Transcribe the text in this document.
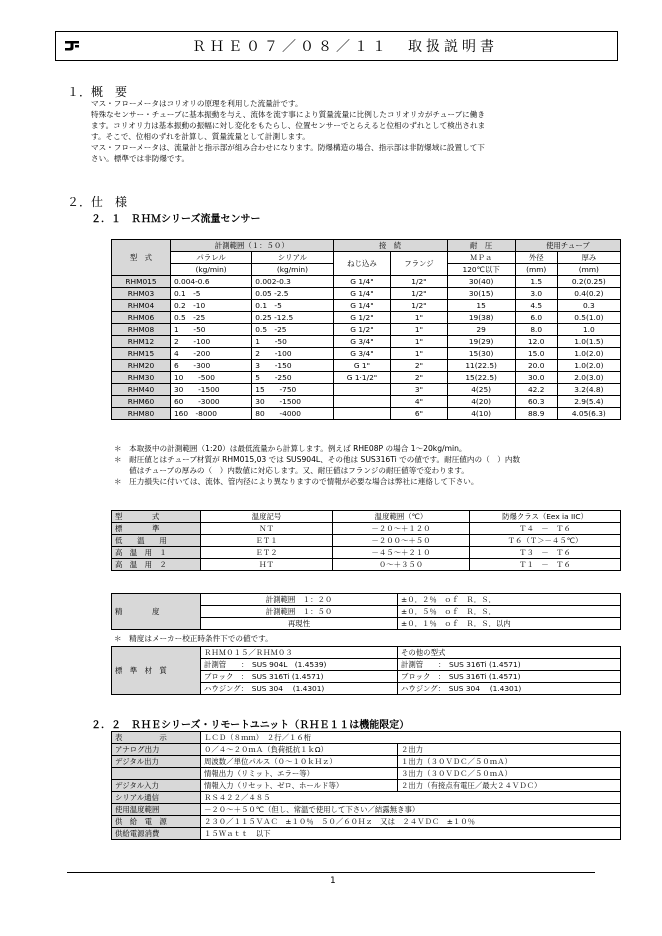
ＲＨＥ０７／０８／１１　取扱説明書
１．概　要
マス・フローメータはコリオリの原理を利用した流量計です。
特殊なセンサー・チューブに基本振動を与え、流体を流す事により質量流量に比例したコリオリカがチューブに働き
ます。コリオリ力は基本振動の振幅に対し変化をもたらし、位置センサーでとらえると位相のずれとして検出されま
す。そこで、位相のずれを計算し、質量流量として計測します。
マス・フローメータは、流量計と指示部が組み合わせになります。防爆構造の場合、指示部は非防爆域に設置して下
さい。標準では非防爆です。
２．仕　様
２．１　ＲＨＭシリーズ流量センサー
型　式	計測範囲（１：５０）		接　続		耐　圧	使用チューブ	
	パラレル	シリアル	ねじ込み	フランジ	ＭＰａ	外径	厚み
	(kg/min)	(kg/min)			120℃以下	(mm)	(mm)
RHM015	0.004-0.6	0.002-0.3	G 1/4"	1/2"	30(40)	1.5	0.2(0.25)
RHM03	0.1　-5	0.05 -2.5	G 1/4"	1/2"	30(15)	3.0	0.4(0.2)
RHM04	0.2　-10	0.1　-5	G 1/4"	1/2"	15	4.5	0.3
RHM06	0.5　-25	0.25 -12.5	G 1/2"	1"	19(38)	6.0	0.5(1.0)
RHM08	1　　-50	0.5　-25	G 1/2"	1"	29	8.0	1.0
RHM12	2　　-100	1　　-50	G 3/4"	1"	19(29)	12.0	1.0(1.5)
RHM15	4　　-200	2　　-100	G 3/4"	1"	15(30)	15.0	1.0(2.0)
RHM20	6　　-300	3　　-150	G 1"	2"	11(22.5)	20.0	1.0(2.0)
RHM30	10　　-500	5　　-250	G 1·1/2"	2"	15(22.5)	30.0	2.0(3.0)
RHM40	30　　-1500	15　　-750		3"	4(25)	42.2	3.2(4.8)
RHM60	60　　-3000	30　　-1500		4"	4(20)	60.3	2.9(5.4)
RHM80	160　-8000	80　　-4000		6"	4(10)	88.9	4.05(6.3)
＊　本取扱中の計測範囲（1:20）は最低流量から計算します。例えば RHE08P の場合 1～20kg/min。
＊　耐圧値とはチューブ材質が RHM015,03 では SUS904L、その他は SUS316Ti での値です。耐圧値内の（　）内数
　　値はチューブの厚みの（　）内数値に対応します。又、耐圧値はフランジの耐圧値等で変わります。
＊　圧力損失に付いては、流体、管内径により異なりますので情報が必要な場合は弊社に連絡して下さい。
型　　　　式	温度記号	温度範囲（℃）	防爆クラス（Eex ia IIC）
標　　　　準	ＮＴ	－２０～＋１２０	Ｔ４　－　Ｔ６
低　　温　　用	ＥＴ１	－２００～＋５０	Ｔ６（Ｔ＞－４５℃）
高　温　用　１	ＥＴ２	－４５～＋２１０	Ｔ３　－　Ｔ６
高　温　用　２	ＨＴ	０～＋３５０	Ｔ１　－　Ｔ６
精　　　　度	計測範囲　１：２０	±０．２％　ｏｆ　Ｒ．Ｓ．
	計測範囲　１：５０	±０．５％　ｏｆ　Ｒ．Ｓ．
	再現性	±０．１％　ｏｆ　Ｒ．Ｓ．以内
＊　精度はメーカー校正時条件下での値です。
標　準　材　質	ＲＨＭ０１５／ＲＨＭ０３	その他の型式
	計測管　　：　SUS 904L　(1.4539)	計測管　　：　SUS 316Ti (1.4571)
	ブロック　：　SUS 316Ti (1.4571)	ブロック　：　SUS 316Ti (1.4571)
	ハウジング：　SUS 304　 (1.4301)	ハウジング：　SUS 304　 (1.4301)
２．２　ＲＨＥシリーズ・リモートユニット（ＲＨＥ１１は機能限定）
表　　　　　示	ＬＣＤ（８ｍｍ）　２行／１６桁	
アナログ出力	０／４～２０ｍＡ（負荷抵抗１ｋΩ）	２出力
デジタル出力	周波数／単位パルス（０～１０ｋＨｚ）	１出力（３０ＶＤＣ／５０ｍＡ）
	情報出力（リミット、エラー等）	３出力（３０ＶＤＣ／５０ｍＡ）
デジタル入力	情報入力（リセット、ゼロ、ホールド等）	２出力（有接点有電圧／最大２４ＶＤＣ）
シリアル通信	ＲＳ４２２／４８５	
使用温度範囲	－２０～＋５０℃（但し、常温で使用して下さい／結露無き事）	
供　給　電　源	２３０／１１５ＶＡＣ　±１０％　５０／６０Ｈｚ　又は　２４ＶＤＣ　±１０％	
供給電源消費	１５Ｗａｔｔ　以下	
1
